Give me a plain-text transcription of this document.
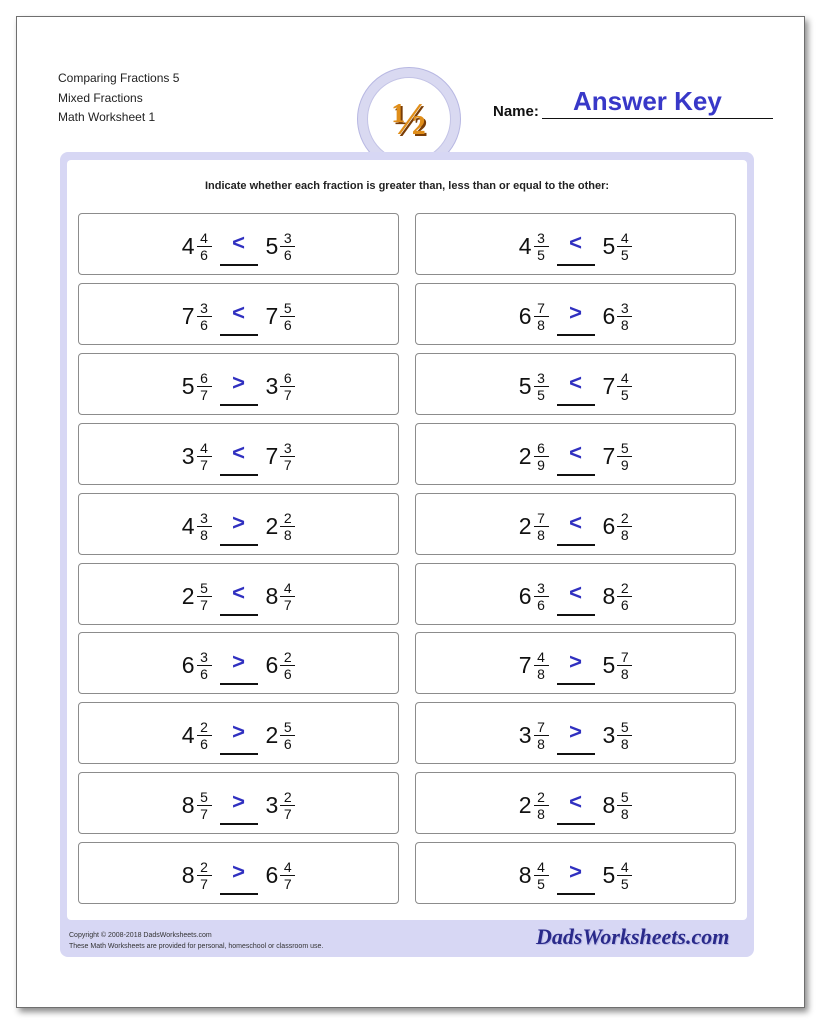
Comparing Fractions 5
Mixed Fractions
Math Worksheet 1	½	Name: Answer Key
Indicate whether each fraction is greater than, less than or equal to the other:
$4 \frac{4}{6} < 5 \frac{3}{6}$	$4 \frac{3}{5} < 5 \frac{4}{5}$
$7 \frac{3}{6} < 7 \frac{5}{6}$	$6 \frac{7}{8} > 6 \frac{3}{8}$
$5 \frac{6}{7} > 3 \frac{6}{7}$	$5 \frac{3}{5} < 7 \frac{4}{5}$
$3 \frac{4}{7} < 7 \frac{3}{7}$	$2 \frac{6}{9} < 7 \frac{5}{9}$
$4 \frac{3}{8} > 2 \frac{2}{8}$	$2 \frac{7}{8} < 6 \frac{2}{8}$
$2 \frac{5}{7} < 8 \frac{4}{7}$	$6 \frac{3}{6} < 8 \frac{2}{6}$
$6 \frac{3}{6} > 6 \frac{2}{6}$	$7 \frac{4}{8} > 5 \frac{7}{8}$
$4 \frac{2}{6} > 2 \frac{5}{6}$	$3 \frac{7}{8} > 3 \frac{5}{8}$
$8 \frac{5}{7} > 3 \frac{2}{7}$	$2 \frac{2}{8} < 8 \frac{5}{8}$
$8 \frac{2}{7} > 6 \frac{4}{7}$	$8 \frac{4}{5} > 5 \frac{4}{5}$
Copyright © 2008-2018 DadsWorksheets.com
These Math Worksheets are provided for personal, homeschool or classroom use.	DadsWorksheets.com
